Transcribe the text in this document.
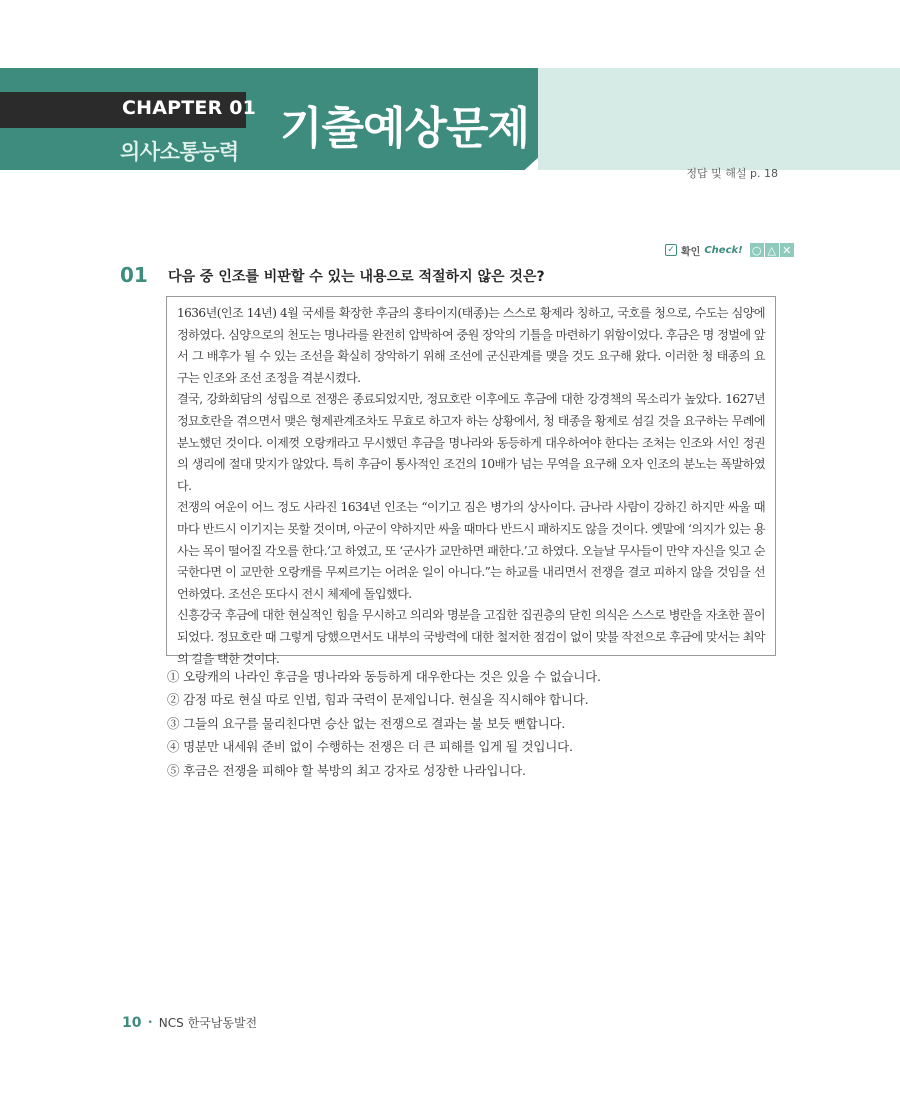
CHAPTER 01
의사소통능력 기출예상문제
정답 및 해설 p. 18
✓ 확인 Check! ○ △ ✕
01 다음 중 인조를 비판할 수 있는 내용으로 적절하지 않은 것은?

1636년(인조 14년) 4월 국세를 확장한 후금의 홍타이지(태종)는 스스로 황제라 칭하고, 국호를 청으로, 수도는 심양에 정하였다. 심양으로의 천도는 명나라를 완전히 압박하여 중원 장악의 기틀을 마련하기 위함이었다. 후금은 명 정벌에 앞서 그 배후가 될 수 있는 조선을 확실히 장악하기 위해 조선에 군신관계를 맺을 것도 요구해 왔다. 이러한 청 태종의 요구는 인조와 조선 조정을 격분시켰다.

결국, 강화회담의 성립으로 전쟁은 종료되었지만, 정묘호란 이후에도 후금에 대한 강경책의 목소리가 높았다. 1627년 정묘호란을 겪으면서 맺은 형제관계조차도 무효로 하고자 하는 상황에서, 청 태종을 황제로 섬길 것을 요구하는 무례에 분노했던 것이다. 이제껏 오랑캐라고 무시했던 후금을 명나라와 동등하게 대우하여야 한다는 조처는 인조와 서인 정권의 생리에 절대 맞지가 않았다. 특히 후금이 통사적인 조건의 10배가 넘는 무역을 요구해 오자 인조의 분노는 폭발하였다.

전쟁의 여운이 어느 정도 사라진 1634년 인조는 “이기고 짐은 병가의 상사이다. 금나라 사람이 강하긴 하지만 싸울 때마다 반드시 이기지는 못할 것이며, 아군이 약하지만 싸울 때마다 반드시 패하지도 않을 것이다. 옛말에 ‘의지가 있는 용사는 목이 떨어질 각오를 한다.’고 하였고, 또 ‘군사가 교만하면 패한다.’고 하였다. 오늘날 무사들이 만약 자신을 잊고 순국한다면 이 교만한 오랑캐를 무찌르기는 어려운 일이 아니다.”는 하교를 내리면서 전쟁을 결코 피하지 않을 것임을 선언하였다. 조선은 또다시 전시 체제에 돌입했다.

신흥강국 후금에 대한 현실적인 힘을 무시하고 의리와 명분을 고집한 집권층의 닫힌 의식은 스스로 병란을 자초한 꼴이 되었다. 정묘호란 때 그렇게 당했으면서도 내부의 국방력에 대한 철저한 점검이 없이 맞불 작전으로 후금에 맞서는 최악의 길을 택한 것이다.

① 오랑캐의 나라인 후금을 명나라와 동등하게 대우한다는 것은 있을 수 없습니다.
② 감정 따로 현실 따로 인법, 힘과 국력이 문제입니다. 현실을 직시해야 합니다.
③ 그들의 요구를 물리친다면 승산 없는 전쟁으로 결과는 불 보듯 뻔합니다.
④ 명분만 내세워 준비 없이 수행하는 전쟁은 더 큰 피해를 입게 될 것입니다.
⑤ 후금은 전쟁을 피해야 할 북방의 최고 강자로 성장한 나라입니다.
10 • NCS 한국남동발전
